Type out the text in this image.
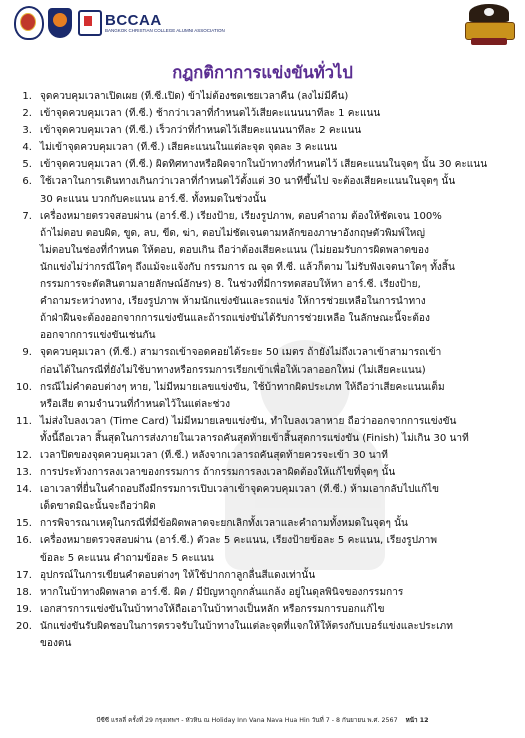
BCCAA
BANGKOK CHRISTIAN COLLEGE ALUMNI ASSOCIATION
กฎกติกาการแข่งขันทั่วไป
1. จุดควบคุมเวลาเปิดเผย (ที.ซี.เปิด) ข้าไม่ต้องชดเชยเวลาคืน (ลงไม่มีคืน)
2. เข้าจุดควบคุมเวลา (ที.ซี.) ช้ากว่าเวลาที่กำหนดไว้เสียคะแนนนาทีละ 1 คะแนน
3. เข้าจุดควบคุมเวลา (ที.ซี.) เร็วกว่าที่กำหนดไว้เสียคะแนนนาทีละ 2 คะแนน
4. ไม่เข้าจุดควบคุมเวลา (ที.ซี.) เสียคะแนนในแต่ละจุด จุดละ 3 คะแนน
5. เข้าจุดควบคุมเวลา (ที.ซี.) ผิดทิศทางหรือผิดจากในบ้าทางที่กำหนดไว้ เสียคะแนนในจุดๆ นั้น 30 คะแนน
6. ใช้เวลาในการเดินทางเกินกว่าเวลาที่กำหนดไว้ตั้งแต่ 30 นาทีขึ้นไป จะต้องเสียคะแนนในจุดๆ นั้น
30 คะแนน บวกกับคะแนน อาร์.ซี. ทั้งหมดในช่วงนั้น
7. เครื่องหมายตรวจสอบผ่าน (อาร์.ซี.) เรียงป้าย, เรียงรูปภาพ, ตอบคำถาม ต้องให้ชัดเจน 100%
ถ้าไม่ตอบ ตอบผิด, ขูด, ลบ, ขีด, ฆ่า, ตอบไม่ชัดเจนตามหลักของภาษาอังกฤษตัวพิมพ์ใหญ่
ไม่ตอบในช่องที่กำหนด ให้ตอบ, ตอบเกิน ถือว่าต้องเสียคะแนน (ไม่ยอมรับการผิดพลาดของ
นักแข่งไม่ว่ากรณีใดๆ ถึงแม้จะแจ้งกับ กรรมการ ณ จุด ที.ซี. แล้วก็ตาม ไม่รับฟังเจตนาใดๆ ทั้งสิ้น
กรรมการจะตัดสินตามลายลักษณ์อักษร) 8. ในช่วงที่มีการทดสอบให้หา อาร์.ซี. เรียงป้าย,
คำถามระหว่างทาง, เรียงรูปภาพ ห้ามนักแข่งขันและรถแข่ง ให้การช่วยเหลือในการนำทาง
ถ้าฝ่าฝืนจะต้องออกจากการแข่งขันและถ้ารถแข่งขันได้รับการช่วยเหลือ ในลักษณะนี้จะต้อง
ออกจากการแข่งขันเช่นกัน
9. จุดควบคุมเวลา (ที.ซี.) สามารถเข้าจอดคอยได้ระยะ 50 เมตร ถ้ายังไม่ถึงเวลาเข้าสามารถเข้า
ก่อนได้ในกรณีที่ยังไม่ใช้บาทางหรือกรรมการเรียกเข้าเพื่อให้เวลาออกใหม่ (ไม่เสียคะแนน)
10. กรณีไม่คำตอบต่างๆ หาย, ไม่มีหมายเลขแข่งขัน, ใช้บ้าทากผิดประเภท ให้ถือว่าเสียคะแนนเต็ม
หรือเสีย ตามจำนวนที่กำหนดไว้ในแต่ละช่วง
11. ไม่ส่งใบลงเวลา (Time Card) ไม่มีหมายเลขแข่งขัน, ทำใบลงเวลาหาย ถือว่าออกจากการแข่งขัน
ทั้งนี้ถือเวลา สิ้นสุดในการส่งภายในเวลารถคันสุดท้ายเข้าสิ้นสุดการแข่งขัน (Finish) ไม่เกิน 30 นาที
12. เวลาปิดของจุดควบคุมเวลา (ที.ซี.) หลังจากเวลารถคันสุดท้ายควรจะเข้า 30 นาที
13. การประท้วงการลงเวลาของกรรมการ ถ้ากรรมการลงเวลาผิดต้องให้แก้ไขที่จุดๆ นั้น
14. เอาเวลาที่ยื่นในคำถอบถึงมีกรรมการเปิบเวลาเข้าจุดควบคุมเวลา (ที.ซี.) ห้ามเอากลับไปแก้ไข
เด็ดขาดมิฉะนั้นจะถือว่าผิด
15. การพิจารณาเหตุในกรณีที่มีข้อผิดพลาดจะยกเลิกทั้งเวลาและคำถามทั้งหมดในจุดๆ นั้น
16. เครื่องหมายตรวจสอบผ่าน (อาร์.ซี.) ตัวละ 5 คะแนน, เรียงป้ายข้อละ 5 คะแนน, เรียงรูปภาพ
ข้อละ 5 คะแนน คำถามข้อละ 5 คะแนน
17. อุปกรณ์ในการเขียนคำตอบต่างๆ ให้ใช้ปากกาลูกลื่นสีแดงเท่านั้น
18. หากในบ้าทางผิดพลาด อาร์.ซี. ผิด / มีปัญหาถูกกลั่นแกล้ง อยู่ในดุลพินิจของกรรมการ
19. เอกสารการแข่งขันในบ้าทางให้ถือเอาในบ้าทางเป็นหลัก หรือกรรมการบอกแก้ไข
20. นักแข่งขันรับผิดชอบในการตรวจรับในบ้าทางในแต่ละจุดที่แจกให้ให้ตรงกับเบอร์แข่งและประเภท
ของตน
บีซีซี แรลลี่ ครั้งที่ 29 กรุงเทพฯ - หัวหิน ณ Holiday Inn Vana Nava Hua Hin วันที่ 7 - 8 กันยายน พ.ศ. 2567 หน้า 12
